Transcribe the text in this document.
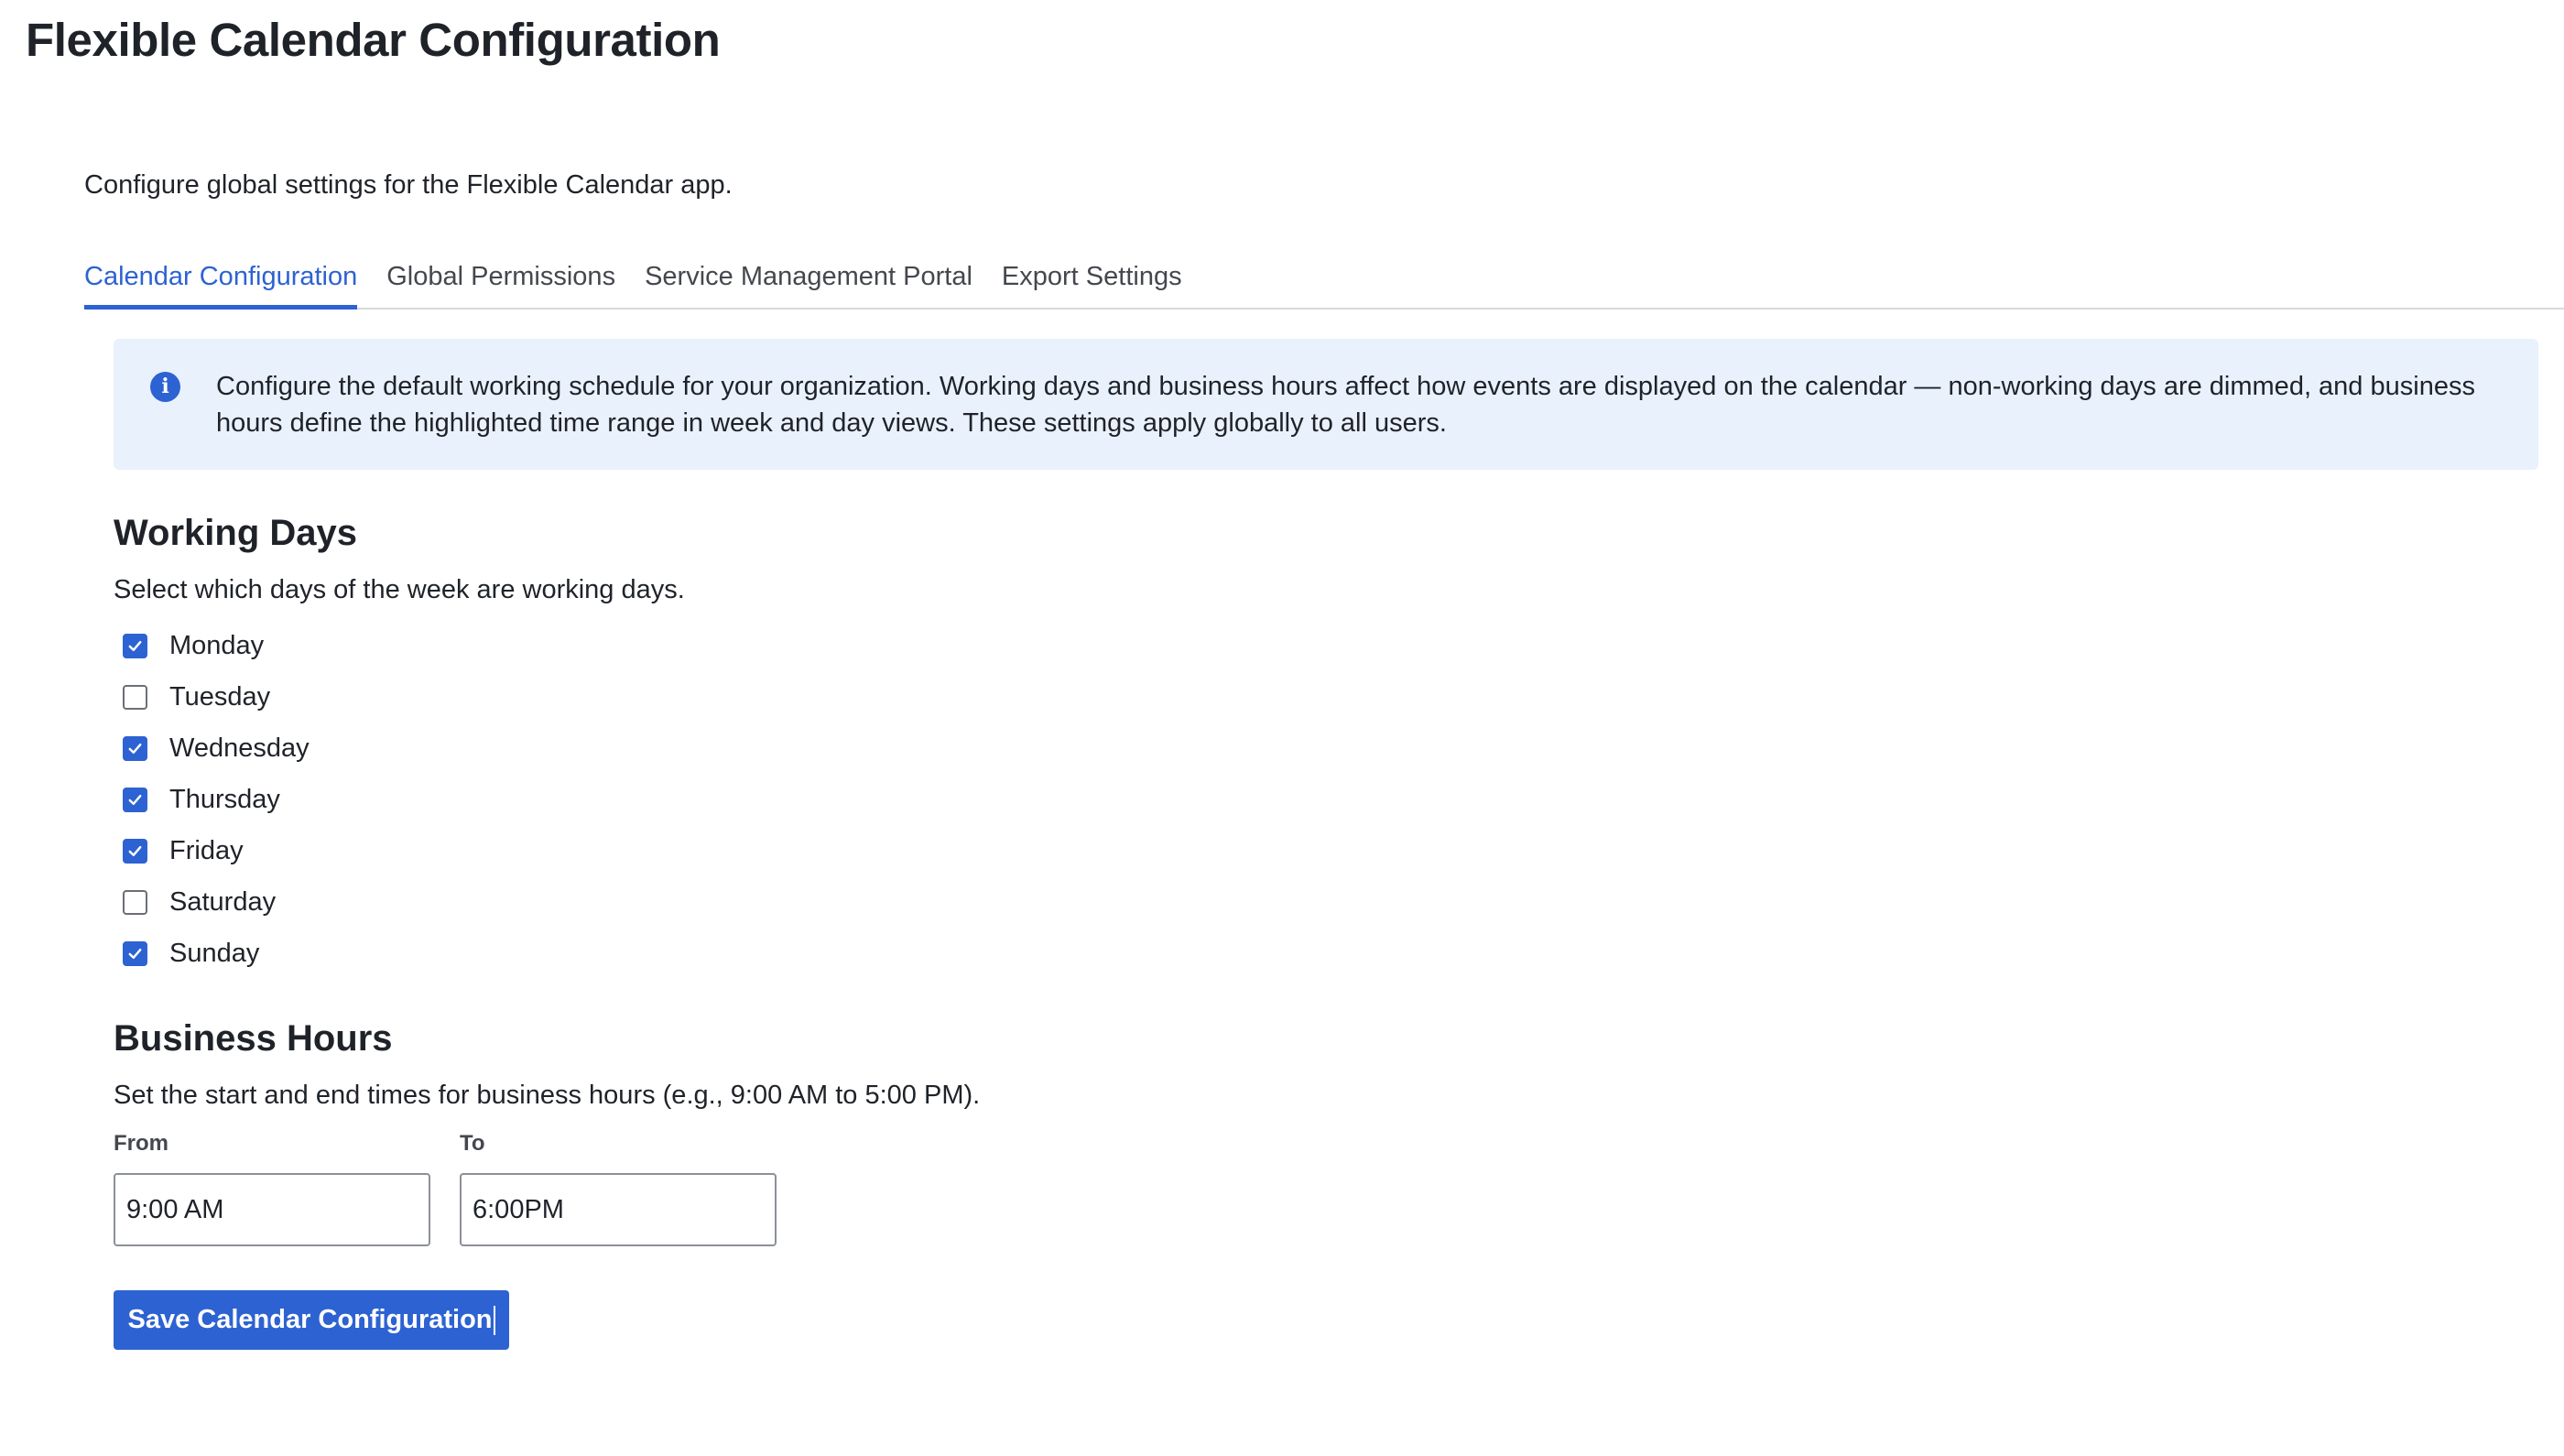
Flexible Calendar Configuration

Configure global settings for the Flexible Calendar app.

Calendar Configuration Global Permissions Service Management Portal Export Settings
i	Configure the default working schedule for your organization. Working days and business hours affect how events are displayed on the calendar — non-working days are dimmed, and business hours define the highlighted time range in week and day views. These settings apply globally to all users.
Working Days

Select which days of the week are working days.

Monday
Tuesday
Wednesday
Thursday
Friday
Saturday
Sunday
Business Hours

Set the start and end times for business hours (e.g., 9:00 AM to 5:00 PM).

From	To
9:00 AM
6:00PM
Save Calendar Configuration
